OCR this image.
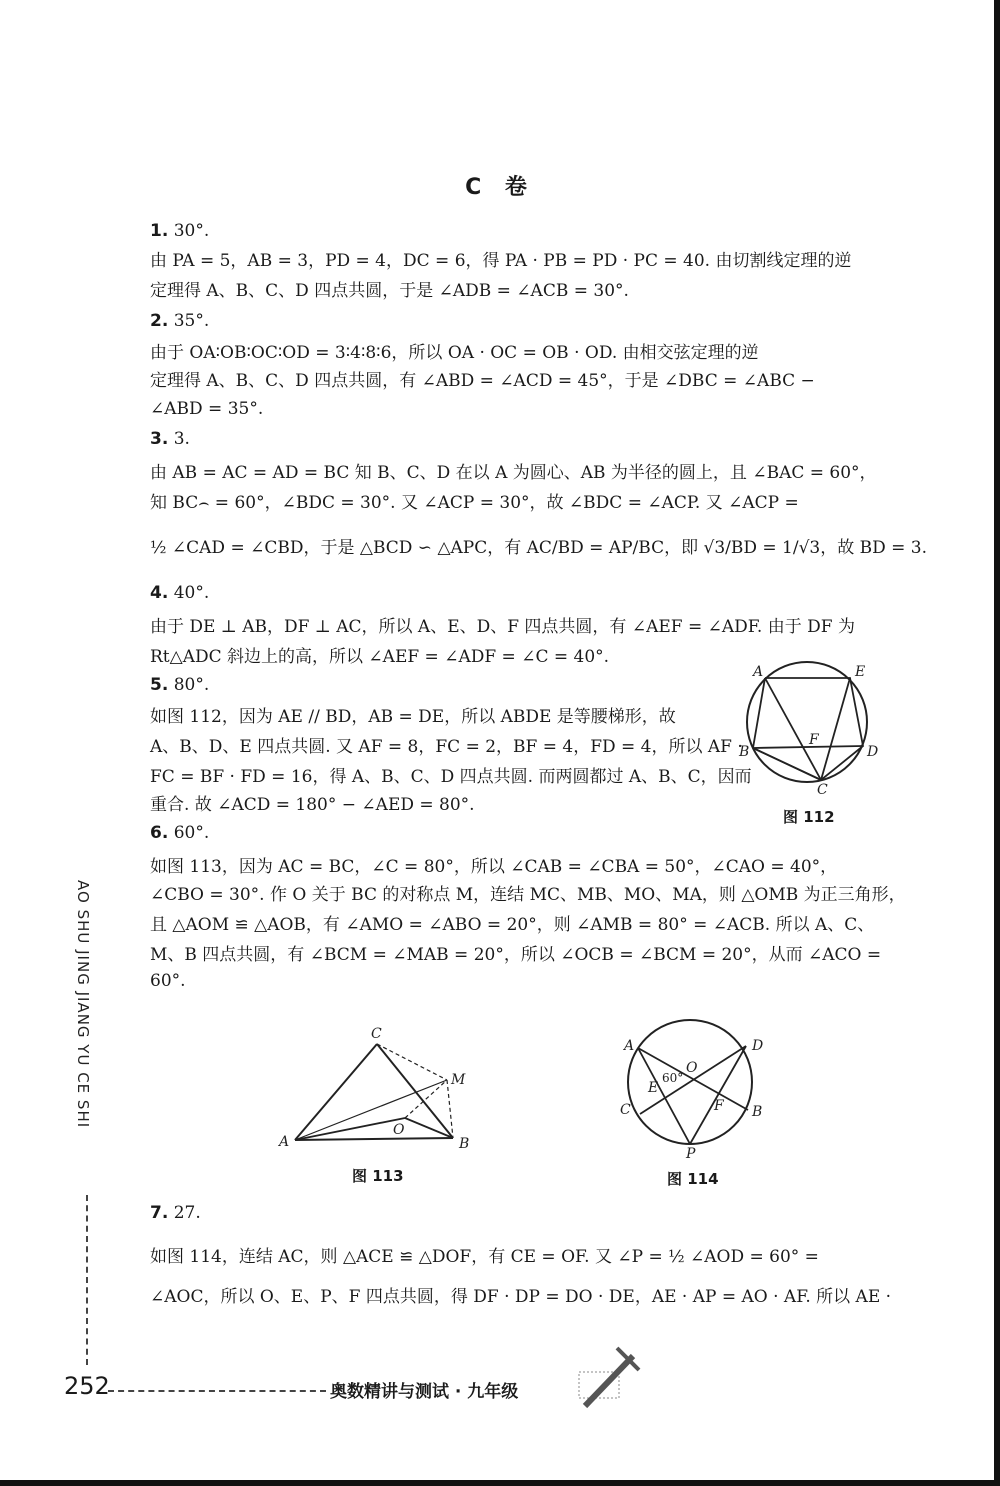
C 卷
1. 30°.
由 PA = 5，AB = 3，PD = 4，DC = 6，得 PA · PB = PD · PC = 40. 由切割线定理的逆
定理得 A、B、C、D 四点共圆，于是 ∠ADB = ∠ACB = 30°.
2. 35°.
由于 OA∶OB∶OC∶OD = 3∶4∶8∶6，所以 OA · OC = OB · OD. 由相交弦定理的逆
定理得 A、B、C、D 四点共圆，有 ∠ABD = ∠ACD = 45°，于是 ∠DBC = ∠ABC −
∠ABD = 35°.
3. 3.
由 AB = AC = AD = BC 知 B、C、D 在以 A 为圆心、AB 为半径的圆上，且 ∠BAC = 60°，
知 BC⌢ = 60°，∠BDC = 30°. 又 ∠ACP = 30°，故 ∠BDC = ∠ACP. 又 ∠ACP =
½ ∠CAD = ∠CBD，于是 △BCD ∽ △APC，有 AC/BD = AP/BC，即 √3/BD = 1/√3，故 BD = 3.
4. 40°.
由于 DE ⊥ AB，DF ⊥ AC，所以 A、E、D、F 四点共圆，有 ∠AEF = ∠ADF. 由于 DF 为
Rt△ADC 斜边上的高，所以 ∠AEF = ∠ADF = ∠C = 40°.
5. 80°.
如图 112，因为 AE // BD，AB = DE，所以 ABDE 是等腰梯形，故
A、B、D、E 四点共圆. 又 AF = 8，FC = 2，BF = 4，FD = 4，所以 AF ·
FC = BF · FD = 16，得 A、B、C、D 四点共圆. 而两圆都过 A、B、C，因而
重合. 故 ∠ACD = 180° − ∠AED = 80°.
6. 60°.
如图 113，因为 AC = BC，∠C = 80°，所以 ∠CAB = ∠CBA = 50°，∠CAO = 40°，
∠CBO = 30°. 作 O 关于 BC 的对称点 M，连结 MC、MB、MO、MA，则 △OMB 为正三角形，
且 △AOM ≌ △AOB，有 ∠AMO = ∠ABO = 20°，则 ∠AMB = 80° = ∠ACB. 所以 A、C、
M、B 四点共圆，有 ∠BCM = ∠MAB = 20°，所以 ∠OCB = ∠BCM = 20°，从而 ∠ACO =
60°.
7. 27.
如图 114，连结 AC，则 △ACE ≌ △DOF，有 CE = OF. 又 ∠P = ½ ∠AOD = 60° =
∠AOC，所以 O、E、P、F 四点共圆，得 DF · DP = DO · DE，AE · AP = AO · AF. 所以 AE ·
A	E
B
F
D
C
图 112
C
M
O
A	B
图 113
A	D
O
60°
E
C	F B
P
图 114
AO SHU JING JIANG YU CE SHI
252	奥数精讲与测试 · 九年级
